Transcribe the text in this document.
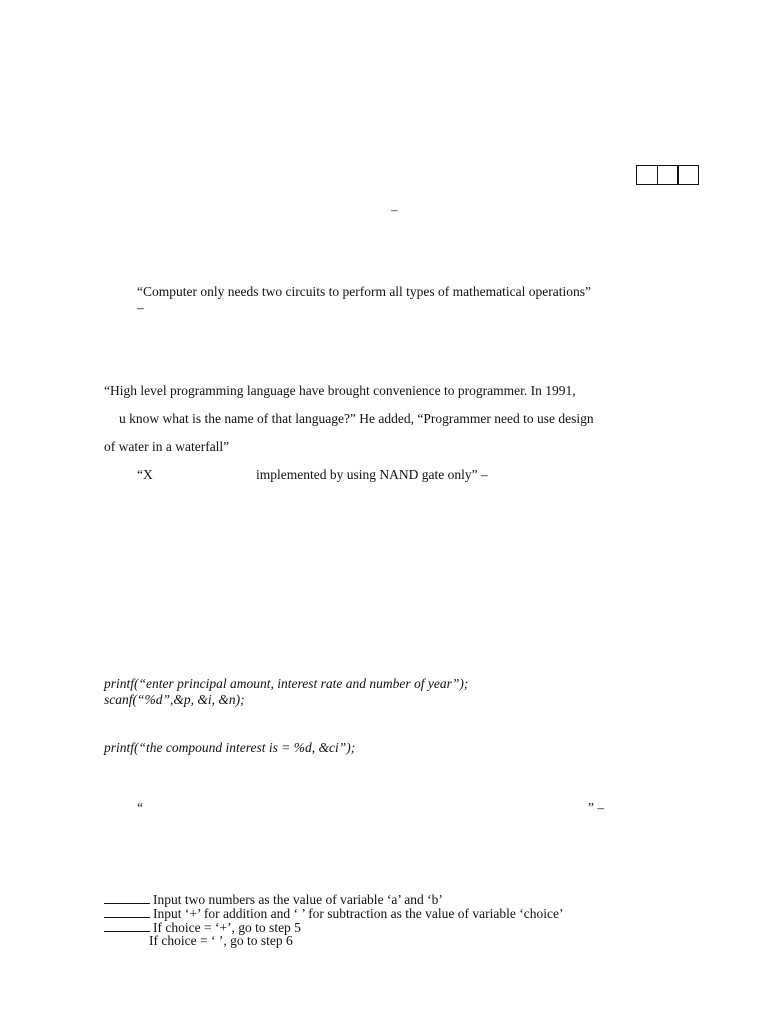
–
“Computer only needs two circuits to perform all types of mathematical operations”
–
“High level programming language have brought convenience to programmer. In 1991,
u know what is the name of that language?” He added, “Programmer need to use design
of water in a waterfall”
“X	implemented by using NAND gate only” –
printf(“enter principal amount, interest rate and number of year”);
scanf(“%d”,&p, &i, &n);
printf(“the compound interest is = %d, &ci”);
“	” –
Input two numbers as the value of variable ‘a’ and ‘b’
Input ‘+’ for addition and ‘ ’ for subtraction as the value of variable ‘choice’
If choice = ‘+’, go to step 5
If choice = ‘ ’, go to step 6
